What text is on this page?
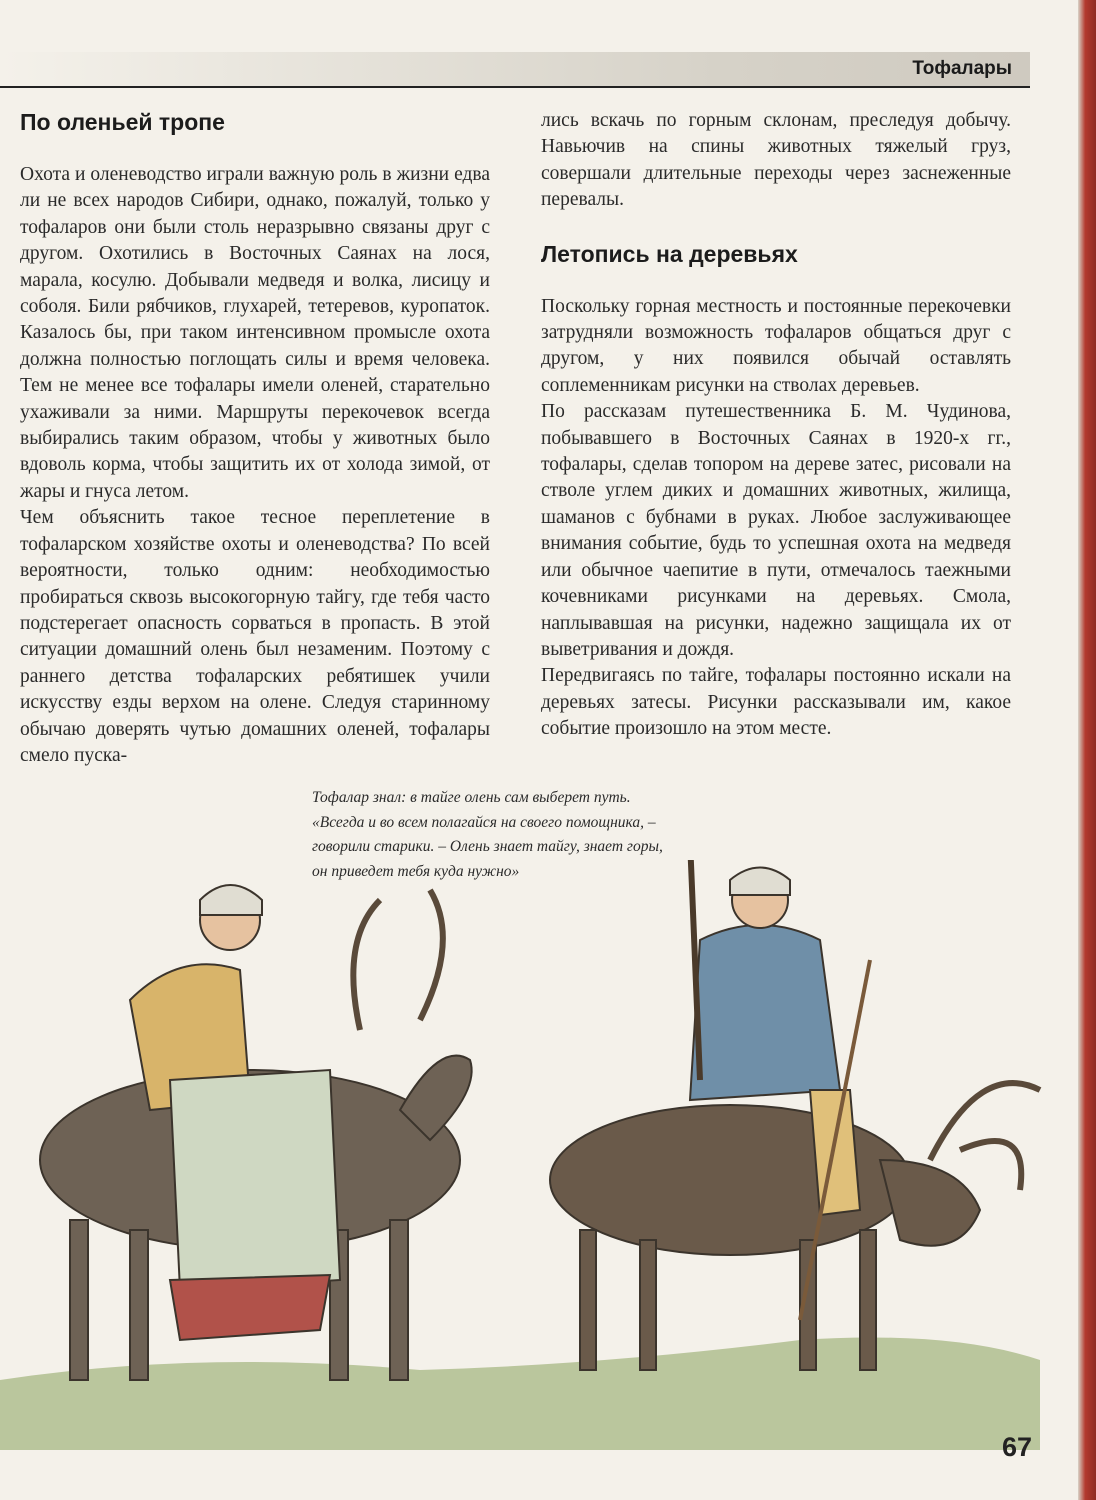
Тофалары
По оленьей тропе

Охота и оленеводство играли важную роль в жизни едва ли не всех народов Сибири, однако, пожалуй, только у тофаларов они были столь неразрывно связаны друг с другом. Охотились в Восточных Саянах на лося, марала, косулю. Добывали медведя и волка, лисицу и соболя. Били рябчиков, глухарей, тетеревов, куропаток. Казалось бы, при таком интенсивном промысле охота должна полностью поглощать силы и время человека. Тем не менее все тофалары имели оленей, старательно ухаживали за ними. Маршруты перекочевок всегда выбирались таким образом, чтобы у животных было вдоволь корма, чтобы защитить их от холода зимой, от жары и гнуса летом.

Чем объяснить такое тесное переплетение в тофаларском хозяйстве охоты и оленеводства? По всей вероятности, только одним: необходимостью пробираться сквозь высокогорную тайгу, где тебя часто подстерегает опасность сорваться в пропасть. В этой ситуации домашний олень был незаменим. Поэтому с раннего детства тофаларских ребятишек учили искусству езды верхом на олене. Следуя старинному обычаю доверять чутью домашних оленей, тофалары смело пуска-

лись вскачь по горным склонам, преследуя добычу. Навьючив на спины животных тяжелый груз, совершали длительные переходы через заснеженные перевалы.

Летопись на деревьях

Поскольку горная местность и постоянные перекочевки затрудняли возможность тофаларов общаться друг с другом, у них появился обычай оставлять соплеменникам рисунки на стволах деревьев.

По рассказам путешественника Б. М. Чудинова, побывавшего в Восточных Саянах в 1920-х гг., тофалары, сделав топором на дереве затес, рисовали на стволе углем диких и домашних животных, жилища, шаманов с бубнами в руках. Любое заслуживающее внимания событие, будь то успешная охота на медведя или обычное чаепитие в пути, отмечалось таежными кочевниками рисунками на деревьях. Смола, наплывавшая на рисунки, надежно защищала их от выветривания и дождя.

Передвигаясь по тайге, тофалары постоянно искали на деревьях затесы. Рисунки рассказывали им, какое событие произошло на этом месте.

Тофалар знал: в тайге олень сам выберет путь. «Всегда и во всем полагайся на своего помощника, – говорили старики. – Олень знает тайгу, знает горы, он приведет тебя куда нужно»
67
